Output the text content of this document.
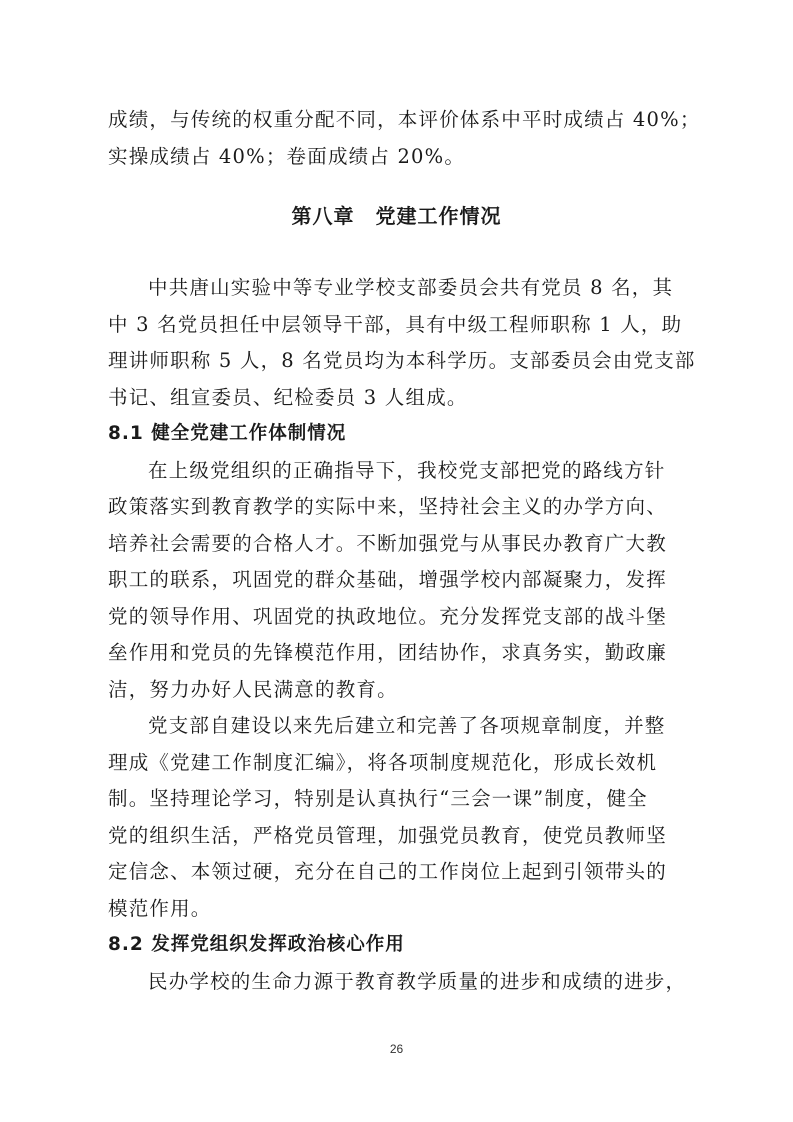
成绩，与传统的权重分配不同，本评价体系中平时成绩占 40%；
实操成绩占 40%；卷面成绩占 20%。
第八章　党建工作情况
中共唐山实验中等专业学校支部委员会共有党员 8 名，其
中 3 名党员担任中层领导干部，具有中级工程师职称 1 人，助
理讲师职称 5 人，8 名党员均为本科学历。支部委员会由党支部
书记、组宣委员、纪检委员 3 人组成。
8.1 健全党建工作体制情况
在上级党组织的正确指导下，我校党支部把党的路线方针
政策落实到教育教学的实际中来，坚持社会主义的办学方向、
培养社会需要的合格人才。不断加强党与从事民办教育广大教
职工的联系，巩固党的群众基础，增强学校内部凝聚力，发挥
党的领导作用、巩固党的执政地位。充分发挥党支部的战斗堡
垒作用和党员的先锋模范作用，团结协作，求真务实，勤政廉
洁，努力办好人民满意的教育。
党支部自建设以来先后建立和完善了各项规章制度，并整
理成《党建工作制度汇编》，将各项制度规范化，形成长效机
制。坚持理论学习，特别是认真执行“三会一课”制度，健全
党的组织生活，严格党员管理，加强党员教育，使党员教师坚
定信念、本领过硬，充分在自己的工作岗位上起到引领带头的
模范作用。
8.2 发挥党组织发挥政治核心作用
民办学校的生命力源于教育教学质量的进步和成绩的进步，
26
